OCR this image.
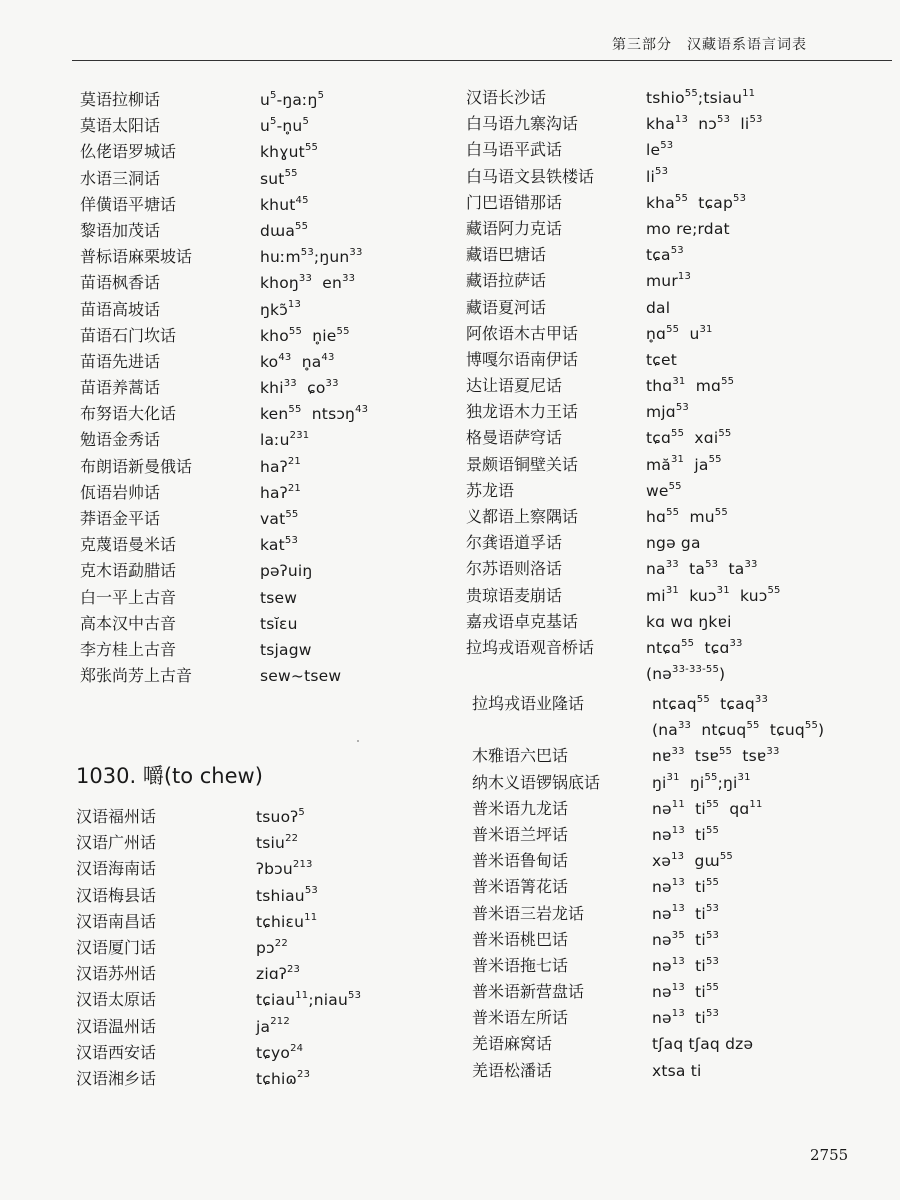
第三部分　汉藏语系语言词表
莫语拉柳话	$u^5-ŋaːŋ^5$
莫语太阳话	$u^5-n̥u^5$
仫佬语罗城话	khɣut$^{55}$
水语三洞话	sut$^{55}$
佯僙语平塘话	khut$^{45}$
黎语加茂话	dɯa$^{55}$
普标语麻栗坡话	huːm$^{53}$;ŋun$^{33}$
苗语枫香话	khoŋ$^{33}$  $en^{33}$
苗语高坡话	ŋkɔ̃$^{13}$
苗语石门坎话	kho$^{55}$  $n̥ie^{55}$
苗语先进话	$ko^{43}$  $n̥a^{43}$
苗语养蒿话	khi$^{33}$  ɕo$^{33}$
布努语大化话	ken$^{55}$  ntsɔŋ$^{43}$
勉语金秀话	laːu$^{231}$
布朗语新曼俄话	haʔ$^{21}$
佤语岩帅话	haʔ$^{21}$
莽语金平话	vat$^{55}$
克蔑语曼米话	kat$^{53}$
克木语勐腊话	pəʔuiŋ
白一平上古音	tsew
高本汉中古音	tsĭɛu
李方桂上古音	tsjagw
郑张尚芳上古音	sew~tsew
1030. 嚼(to chew)
汉语福州话	tsuoʔ$^5$
汉语广州话	tsiu$^{22}$
汉语海南话	ʔbɔu$^{213}$
汉语梅县话	tshiau$^{53}$
汉语南昌话	tɕhiɛu$^{11}$
汉语厦门话	pɔ$^{22}$
汉语苏州话	ziɑʔ$^{23}$
汉语太原话	tɕiau$^{11}$;niau$^{53}$
汉语温州话	$ja^{212}$
汉语西安话	tɕyo$^{24}$
汉语湘乡话	tɕhiɷ$^{23}$
汉语长沙话	tshio$^{55}$;tsiau$^{11}$
白马语九寨沟话	kha$^{13}$  nɔ$^{53}$  $li^{53}$
白马语平武话	$le^{53}$
白马语文县铁楼话	$li^{53}$
门巴语错那话	kha$^{55}$  tɕap$^{53}$
藏语阿力克话	mo re;rdat
藏语巴塘话	tɕa$^{53}$
藏语拉萨话	mur$^{13}$
藏语夏河话	dal
阿侬语木古甲话	n̥ɑ$^{55}$  $u^{31}$
博嘎尔语南伊话	tɕet
达让语夏尼话	thɑ$^{31}$  mɑ$^{55}$
独龙语木力王话	mjɑ$^{53}$
格曼语萨穹话	tɕɑ$^{55}$  xɑi$^{55}$
景颇语铜壁关话	$mă^{31}$  $ja^{55}$
苏龙语	$we^{55}$
义都语上察隅话	hɑ$^{55}$  $mu^{55}$
尔龚语道孚话	ngə ga
尔苏语则洛话	$na^{33}$  $ta^{53}$  $ta^{33}$
贵琼语麦崩话	$mi^{31}$  kuɔ$^{31}$  kuɔ$^{55}$
嘉戎语卓克基话	kɑ wɑ ŋkɐi
拉坞戎语观音桥话	ntɕɑ$^{55}$  tɕɑ$^{33}$
(nə$^{33-33-55}$)
拉坞戎语业隆话	ntɕaq$^{55}$  tɕaq$^{33}$
($na^{33}$  ntɕuq$^{55}$  tɕuq$^{55}$)
木雅语六巴话	nɐ$^{33}$  tsɐ$^{55}$  tsɐ$^{33}$
纳木义语锣锅底话	$ŋi^{31}$  $ŋi^{55};ŋi^{31}$
普米语九龙话	nə$^{11}$  $ti^{55}$  qɑ$^{11}$
普米语兰坪话	nə$^{13}$  $ti^{55}$
普米语鲁甸话	xə$^{13}$  gɯ$^{55}$
普米语箐花话	nə$^{13}$  $ti^{55}$
普米语三岩龙话	nə$^{13}$  $ti^{53}$
普米语桃巴话	nə$^{35}$  $ti^{53}$
普米语拖七话	nə$^{13}$  $ti^{53}$
普米语新营盘话	nə$^{13}$  $ti^{55}$
普米语左所话	nə$^{13}$  $ti^{53}$
羌语麻窝话	tʃaq tʃaq dzə
羌语松潘话	xtsa ti
2755
